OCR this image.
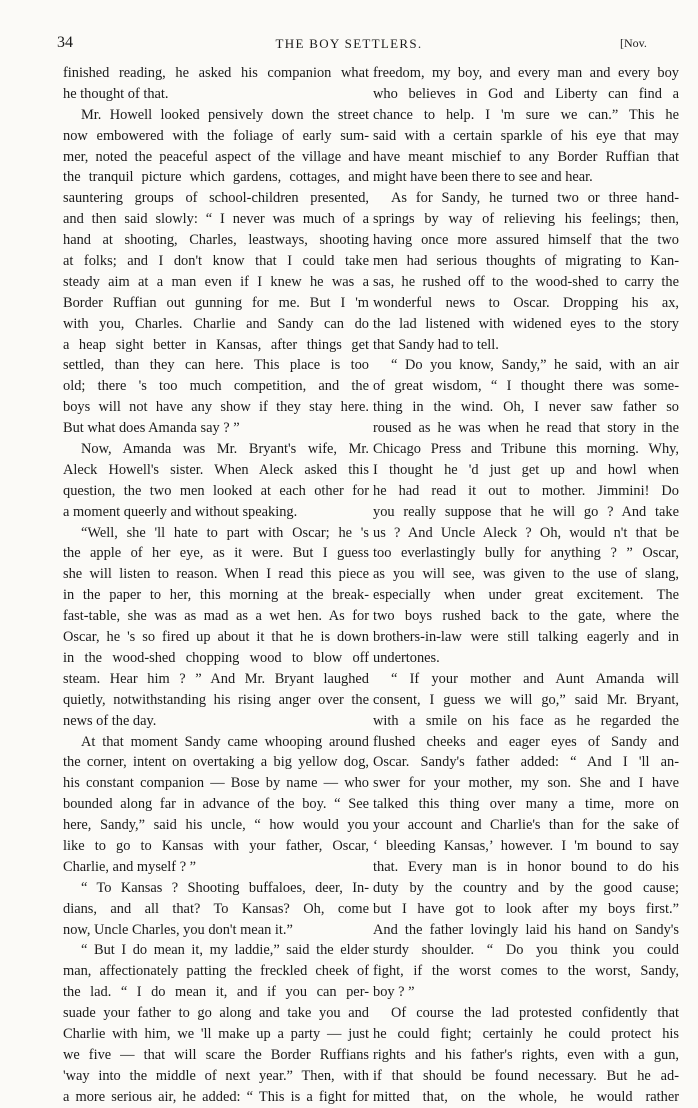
34	THE BOY SETTLERS.	[Nov.
finished reading, he asked his companion what
he thought of that.
Mr. Howell looked pensively down the street
now embowered with the foliage of early sum-
mer, noted the peaceful aspect of the village and
the tranquil picture which gardens, cottages, and
sauntering groups of school-children presented,
and then said slowly: “ I never was much of a
hand at shooting, Charles, leastways, shooting
at folks; and I don't know that I could take
steady aim at a man even if I knew he was a
Border Ruffian out gunning for me. But I 'm
with you, Charles. Charlie and Sandy can do
a heap sight better in Kansas, after things get
settled, than they can here. This place is too
old; there 's too much competition, and the
boys will not have any show if they stay here.
But what does Amanda say ? ”
Now, Amanda was Mr. Bryant's wife, Mr.
Aleck Howell's sister. When Aleck asked this
question, the two men looked at each other for
a moment queerly and without speaking.
“Well, she 'll hate to part with Oscar; he 's
the apple of her eye, as it were. But I guess
she will listen to reason. When I read this piece
in the paper to her, this morning at the break-
fast-table, she was as mad as a wet hen. As for
Oscar, he 's so fired up about it that he is down
in the wood-shed chopping wood to blow off
steam. Hear him ? ” And Mr. Bryant laughed
quietly, notwithstanding his rising anger over the
news of the day.
At that moment Sandy came whooping around
the corner, intent on overtaking a big yellow dog,
his constant companion — Bose by name — who
bounded along far in advance of the boy. “ See
here, Sandy,” said his uncle, “ how would you
like to go to Kansas with your father, Oscar,
Charlie, and myself ? ”
“ To Kansas ? Shooting buffaloes, deer, In-
dians, and all that? To Kansas? Oh, come
now, Uncle Charles, you don't mean it.”
“ But I do mean it, my laddie,” said the elder
man, affectionately patting the freckled cheek of
the lad. “ I do mean it, and if you can per-
suade your father to go along and take you and
Charlie with him, we 'll make up a party — just
we five — that will scare the Border Ruffians
'way into the middle of next year.” Then, with
a more serious air, he added: “ This is a fight for
freedom, my boy, and every man and every boy
who believes in God and Liberty can find a
chance to help. I 'm sure we can.” This he
said with a certain sparkle of his eye that may
have meant mischief to any Border Ruffian that
might have been there to see and hear.
As for Sandy, he turned two or three hand-
springs by way of relieving his feelings; then,
having once more assured himself that the two
men had serious thoughts of migrating to Kan-
sas, he rushed off to the wood-shed to carry the
wonderful news to Oscar. Dropping his ax,
the lad listened with widened eyes to the story
that Sandy had to tell.
“ Do you know, Sandy,” he said, with an air
of great wisdom, “ I thought there was some-
thing in the wind. Oh, I never saw father so
roused as he was when he read that story in the
Chicago Press and Tribune this morning. Why,
I thought he 'd just get up and howl when
he had read it out to mother. Jimmini! Do
you really suppose that he will go ? And take
us ? And Uncle Aleck ? Oh, would n't that be
too everlastingly bully for anything ? ” Oscar,
as you will see, was given to the use of slang,
especially when under great excitement. The
two boys rushed back to the gate, where the
brothers-in-law were still talking eagerly and in
undertones.
“ If your mother and Aunt Amanda will
consent, I guess we will go,” said Mr. Bryant,
with a smile on his face as he regarded the
flushed cheeks and eager eyes of Sandy and
Oscar. Sandy's father added: “ And I 'll an-
swer for your mother, my son. She and I have
talked this thing over many a time, more on
your account and Charlie's than for the sake of
‘ bleeding Kansas,’ however. I 'm bound to say
that. Every man is in honor bound to do his
duty by the country and by the good cause;
but I have got to look after my boys first.”
And the father lovingly laid his hand on Sandy's
sturdy shoulder. “ Do you think you could
fight, if the worst comes to the worst, Sandy,
boy ? ”
Of course the lad protested confidently that
he could fight; certainly he could protect his
rights and his father's rights, even with a gun,
if that should be found necessary. But he ad-
mitted that, on the whole, he would rather
